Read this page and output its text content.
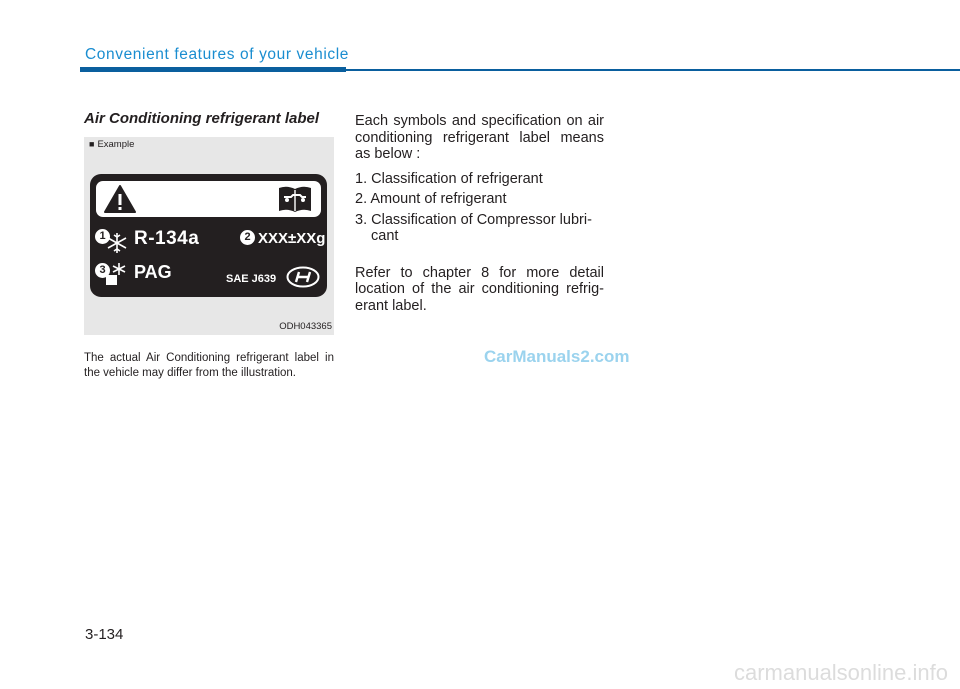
Convenient features of your vehicle
Air Conditioning refrigerant label
■ Example
1 R-134a	2 XXX±XXg
3 PAG	SAE J639
ODH043365

The actual Air Conditioning refrigerant label in the vehicle may differ from the illustration.

Each symbols and specification on air conditioning refrigerant label means as below :

1. Classification of refrigerant
2. Amount of refrigerant
3. Classification of Compressor lubri- cant

Refer to chapter 8 for more detail location of the air conditioning refrig- erant label.

CarManuals2.com
3-134
carmanualsonline.info
